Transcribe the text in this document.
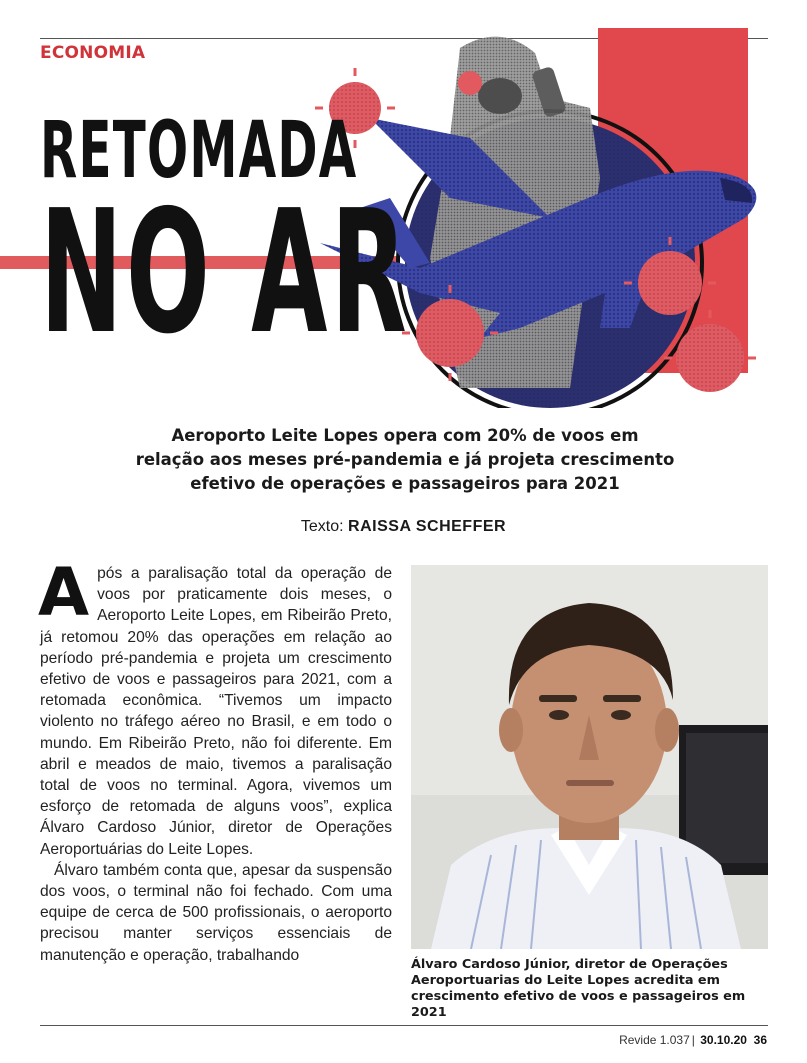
ECONOMIA
RETOMADA
NO AR
Aeroporto Leite Lopes opera com 20% de voos em
relação aos meses pré-pandemia e já projeta crescimento
efetivo de operações e passageiros para 2021
Texto: RAISSA SCHEFFER

Após a paralisação total da operação de voos por praticamente dois meses, o Aeroporto Leite Lopes, em Ribeirão Preto, já retomou 20% das operações em relação ao período pré-pandemia e projeta um crescimento efetivo de voos e passageiros para 2021, com a retomada econômica. “Tivemos um impacto violento no tráfego aéreo no Brasil, e em todo o mundo. Em Ribeirão Preto, não foi diferente. Em abril e meados de maio, tivemos a paralisação total de voos no terminal. Agora, vivemos um esforço de retomada de alguns voos”, explica Álvaro Cardoso Júnior, diretor de Operações Aeroportuárias do Leite Lopes.

Álvaro também conta que, apesar da suspensão dos voos, o terminal não foi fechado. Com uma equipe de cerca de 500 profissionais, o aeroporto precisou manter serviços essenciais de manutenção e operação, trabalhando

Álvaro Cardoso Júnior, diretor de Operações
Aeroportuarias do Leite Lopes acredita em
crescimento efetivo de voos e passageiros em 2021
Revide 1.037 | 30.10.20 36
